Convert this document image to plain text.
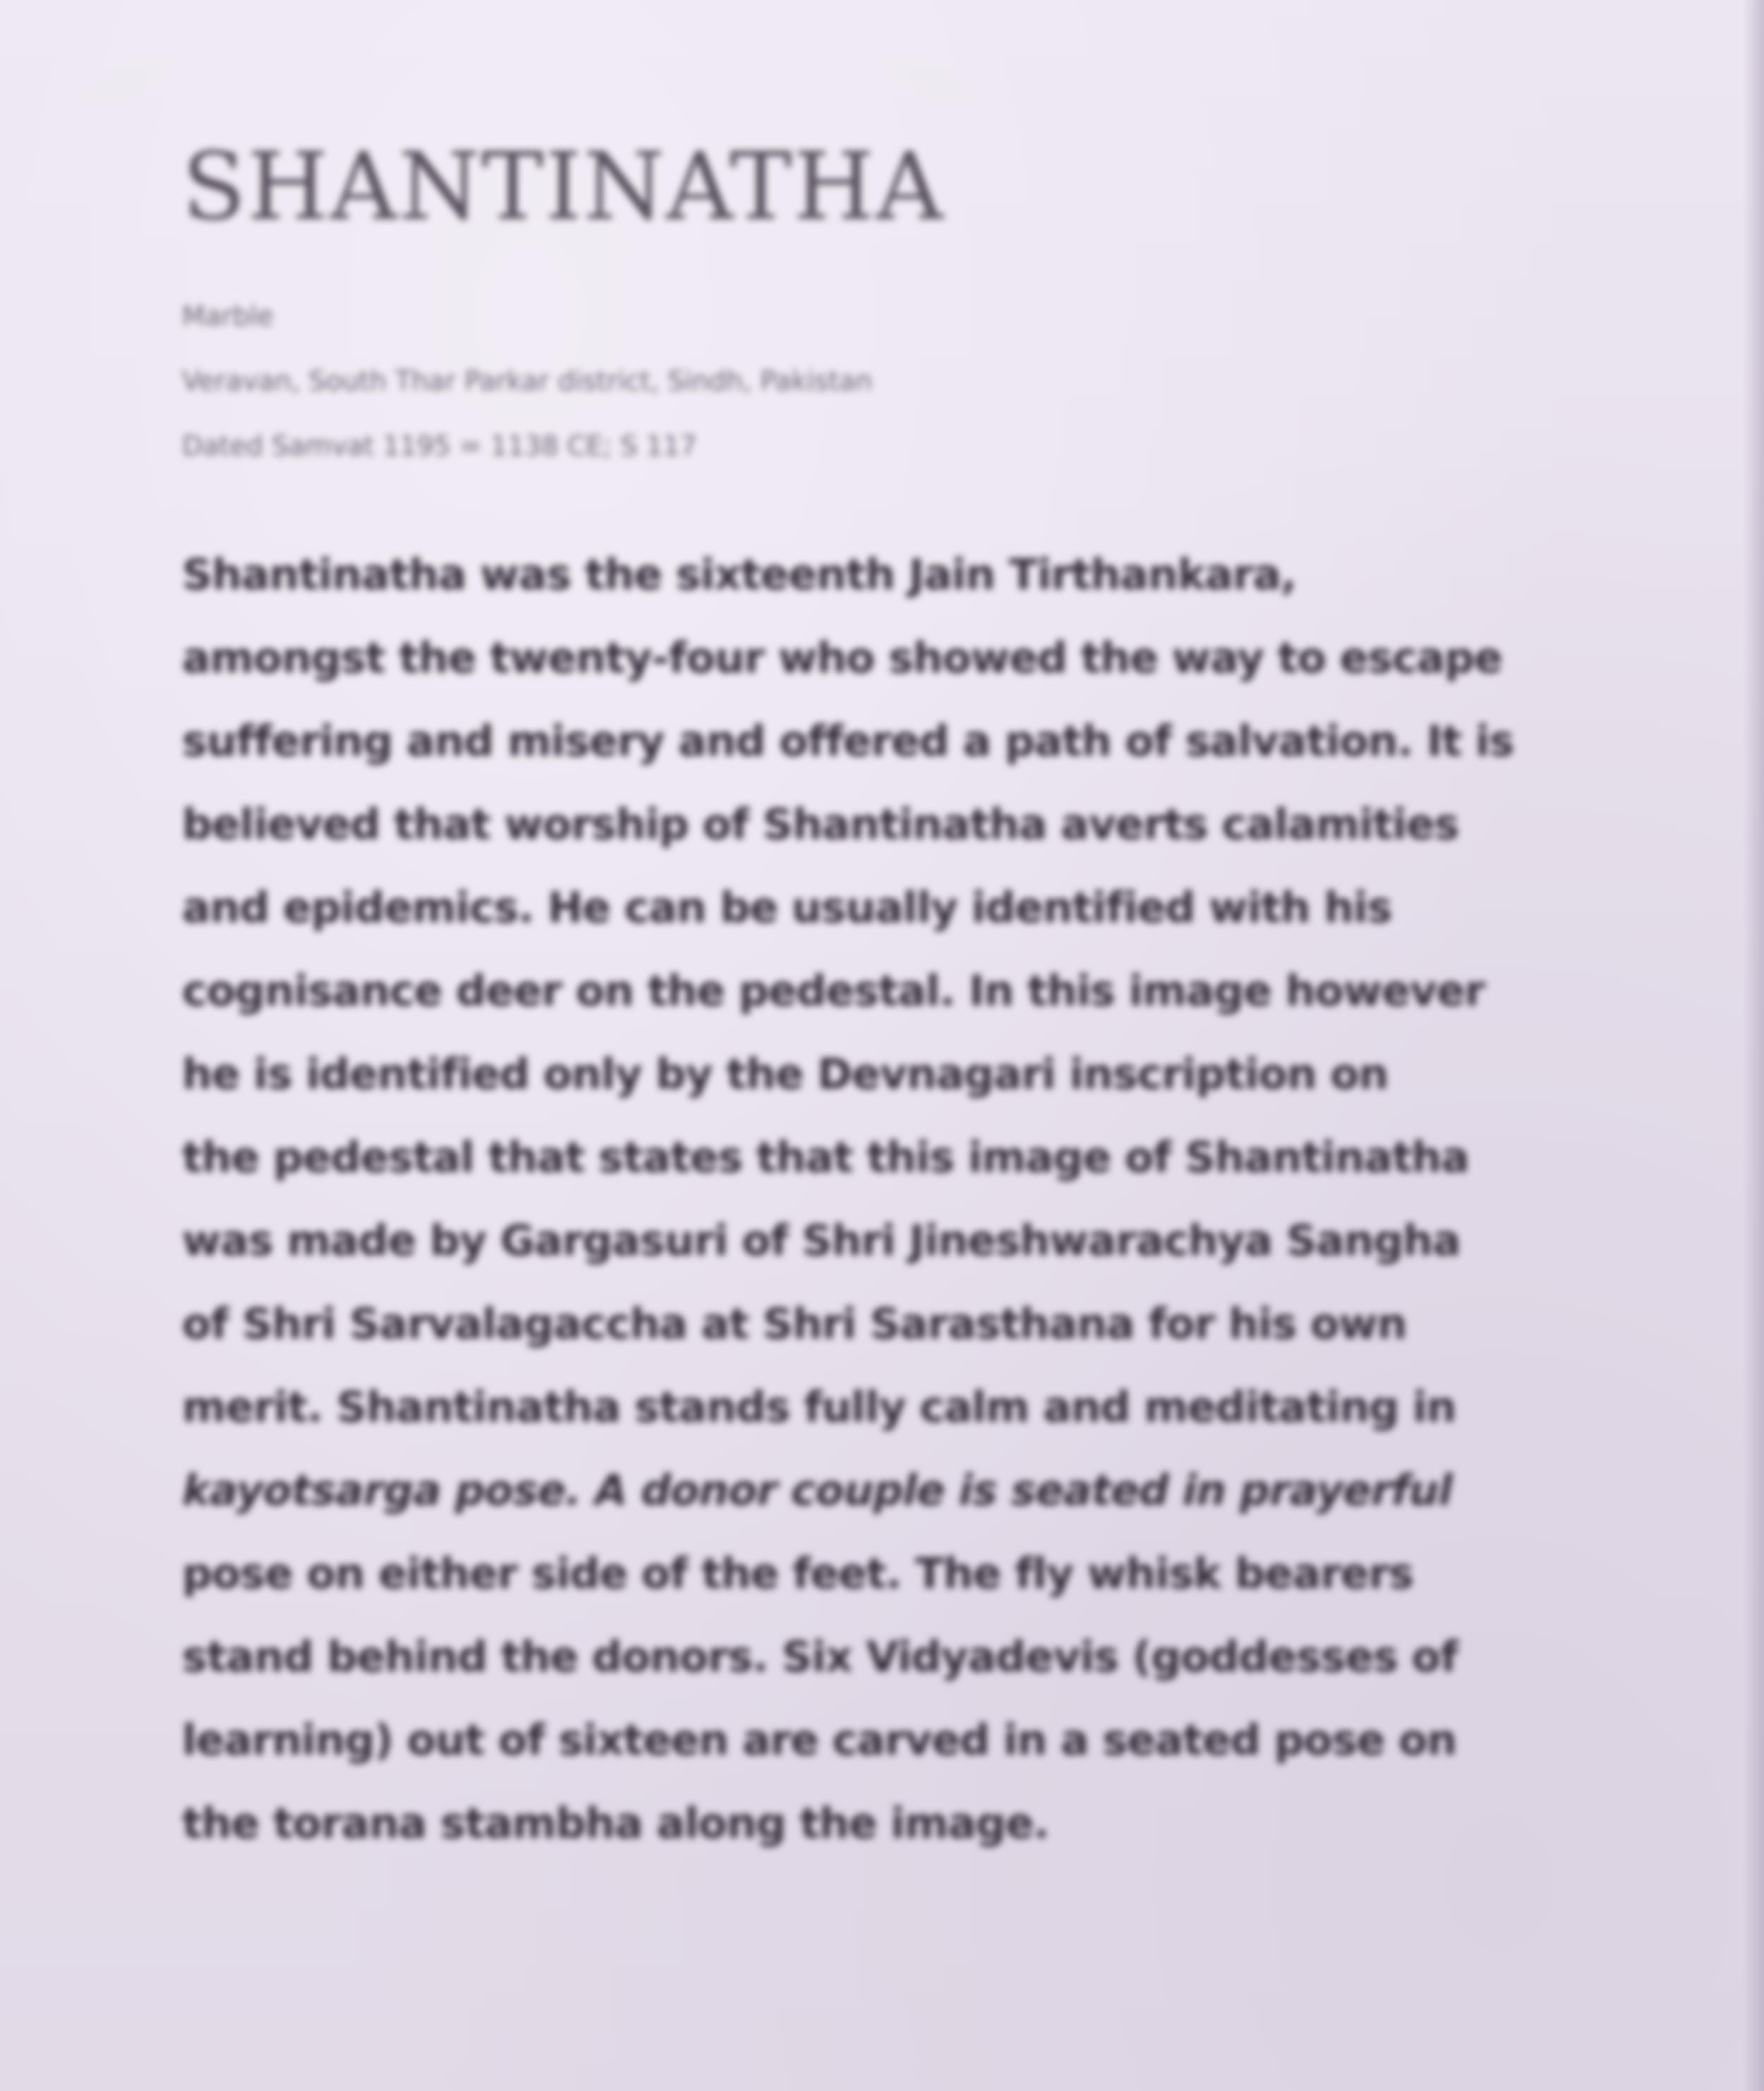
SHANTINATHA
Marble
Veravan, South Thar Parkar district, Sindh, Pakistan
Dated Samvat 1195 = 1138 CE; S 117
Shantinatha was the sixteenth Jain Tirthankara,
amongst the twenty-four who showed the way to escape
suffering and misery and offered a path of salvation. It is
believed that worship of Shantinatha averts calamities
and epidemics. He can be usually identified with his
cognisance deer on the pedestal. In this image however
he is identified only by the Devnagari inscription on
the pedestal that states that this image of Shantinatha
was made by Gargasuri of Shri Jineshwarachya Sangha
of Shri Sarvalagaccha at Shri Sarasthana for his own
merit. Shantinatha stands fully calm and meditating in
kayotsarga pose. A donor couple is seated in prayerful
pose on either side of the feet. The fly whisk bearers
stand behind the donors. Six Vidyadevis (goddesses of
learning) out of sixteen are carved in a seated pose on
the torana stambha along the image.
